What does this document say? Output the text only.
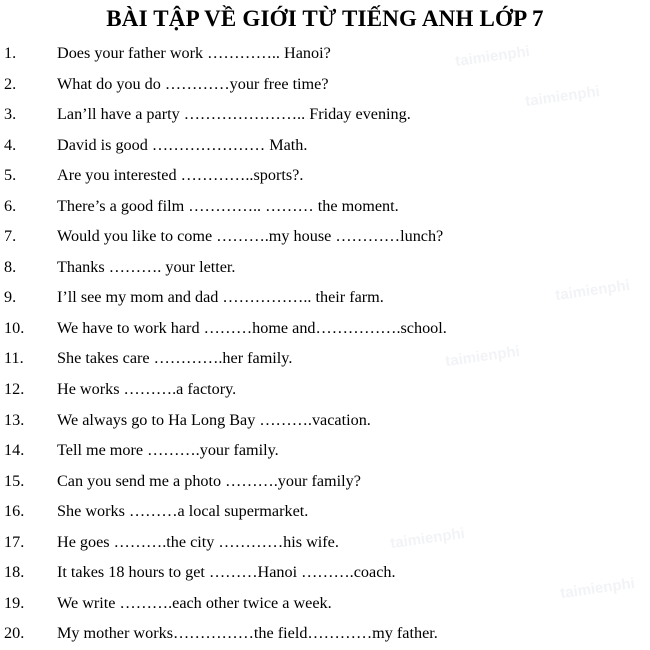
taimienphi
taimienphi
taimienphi
taimienphi
taimienphi
taimienphi
BÀI TẬP VỀ GIỚI TỪ TIẾNG ANH LỚP 7
1.	Does your father work ………….. Hanoi?
2.	What do you do …………your free time?
3.	Lan’ll have a party ………………….. Friday evening.
4.	David is good ………………… Math.
5.	Are you interested …………..sports?.
6.	There’s a good film ………….. ……… the moment.
7.	Would you like to come ……….my house …………lunch?
8.	Thanks ………. your letter.
9.	I’ll see my mom and dad …………….. their farm.
10. We have to work hard ………home and…………….school.
11. She takes care ………….her family.
12. He works ……….a factory.
13. We always go to Ha Long Bay ……….vacation.
14. Tell me more ……….your family.
15. Can you send me a photo ……….your family?
16. She works ………a local supermarket.
17. He goes ……….the city …………his wife.
18. It takes 18 hours to get ………Hanoi ……….coach.
19. We write ……….each other twice a week.
20. My mother works……………the field…………my father.
